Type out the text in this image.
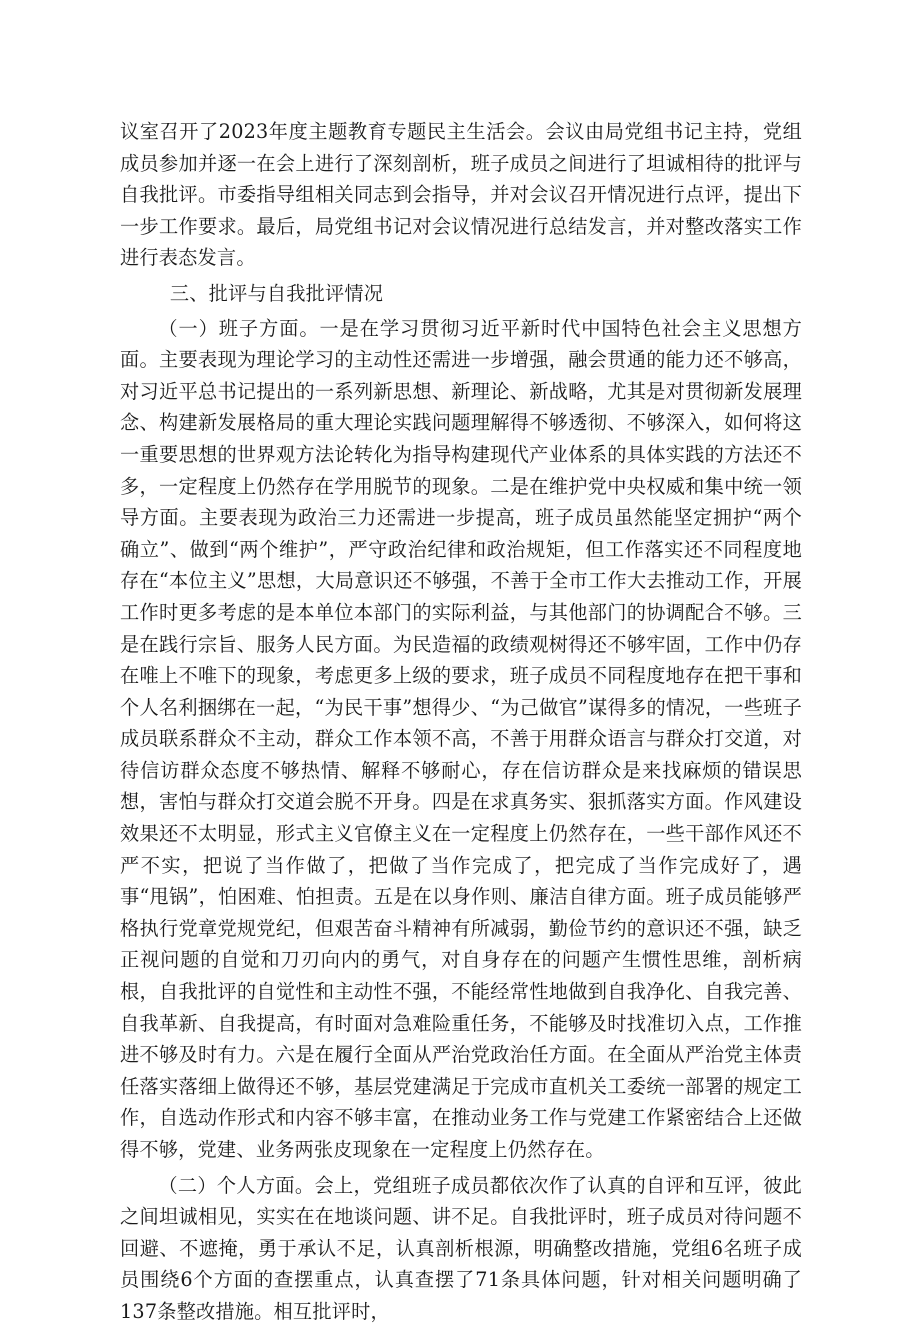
议室召开了2023年度主题教育专题民主生活会。会议由局党组书记主持，党组成员参加并逐一在会上进行了深刻剖析，班子成员之间进行了坦诚相待的批评与自我批评。市委指导组相关同志到会指导，并对会议召开情况进行点评，提出下一步工作要求。最后，局党组书记对会议情况进行总结发言，并对整改落实工作进行表态发言。

三、批评与自我批评情况

（一）班子方面。一是在学习贯彻习近平新时代中国特色社会主义思想方面。主要表现为理论学习的主动性还需进一步增强，融会贯通的能力还不够高，对习近平总书记提出的一系列新思想、新理论、新战略，尤其是对贯彻新发展理念、构建新发展格局的重大理论实践问题理解得不够透彻、不够深入，如何将这一重要思想的世界观方法论转化为指导构建现代产业体系的具体实践的方法还不多，一定程度上仍然存在学用脱节的现象。二是在维护党中央权威和集中统一领导方面。主要表现为政治三力还需进一步提高，班子成员虽然能坚定拥护“两个确立”、做到“两个维护”，严守政治纪律和政治规矩，但工作落实还不同程度地存在“本位主义”思想，大局意识还不够强，不善于全市工作大去推动工作，开展工作时更多考虑的是本单位本部门的实际利益，与其他部门的协调配合不够。三是在践行宗旨、服务人民方面。为民造福的政绩观树得还不够牢固，工作中仍存在唯上不唯下的现象，考虑更多上级的要求，班子成员不同程度地存在把干事和个人名利捆绑在一起，“为民干事”想得少、“为己做官”谋得多的情况，一些班子成员联系群众不主动，群众工作本领不高，不善于用群众语言与群众打交道，对待信访群众态度不够热情、解释不够耐心，存在信访群众是来找麻烦的错误思想，害怕与群众打交道会脱不开身。四是在求真务实、狠抓落实方面。作风建设效果还不太明显，形式主义官僚主义在一定程度上仍然存在，一些干部作风还不严不实，把说了当作做了，把做了当作完成了，把完成了当作完成好了，遇事“甩锅”，怕困难、怕担责。五是在以身作则、廉洁自律方面。班子成员能够严格执行党章党规党纪，但艰苦奋斗精神有所减弱，勤俭节约的意识还不强，缺乏正视问题的自觉和刀刃向内的勇气，对自身存在的问题产生惯性思维，剖析病根，自我批评的自觉性和主动性不强，不能经常性地做到自我净化、自我完善、自我革新、自我提高，有时面对急难险重任务，不能够及时找准切入点，工作推进不够及时有力。六是在履行全面从严治党政治任方面。在全面从严治党主体责任落实落细上做得还不够，基层党建满足于完成市直机关工委统一部署的规定工作，自选动作形式和内容不够丰富，在推动业务工作与党建工作紧密结合上还做得不够，党建、业务两张皮现象在一定程度上仍然存在。

（二）个人方面。会上，党组班子成员都依次作了认真的自评和互评，彼此之间坦诚相见，实实在在地谈问题、讲不足。自我批评时，班子成员对待问题不回避、不遮掩，勇于承认不足，认真剖析根源，明确整改措施，党组6名班子成员围绕6个方面的查摆重点，认真查摆了71条具体问题，针对相关问题明确了137条整改措施。相互批评时，
